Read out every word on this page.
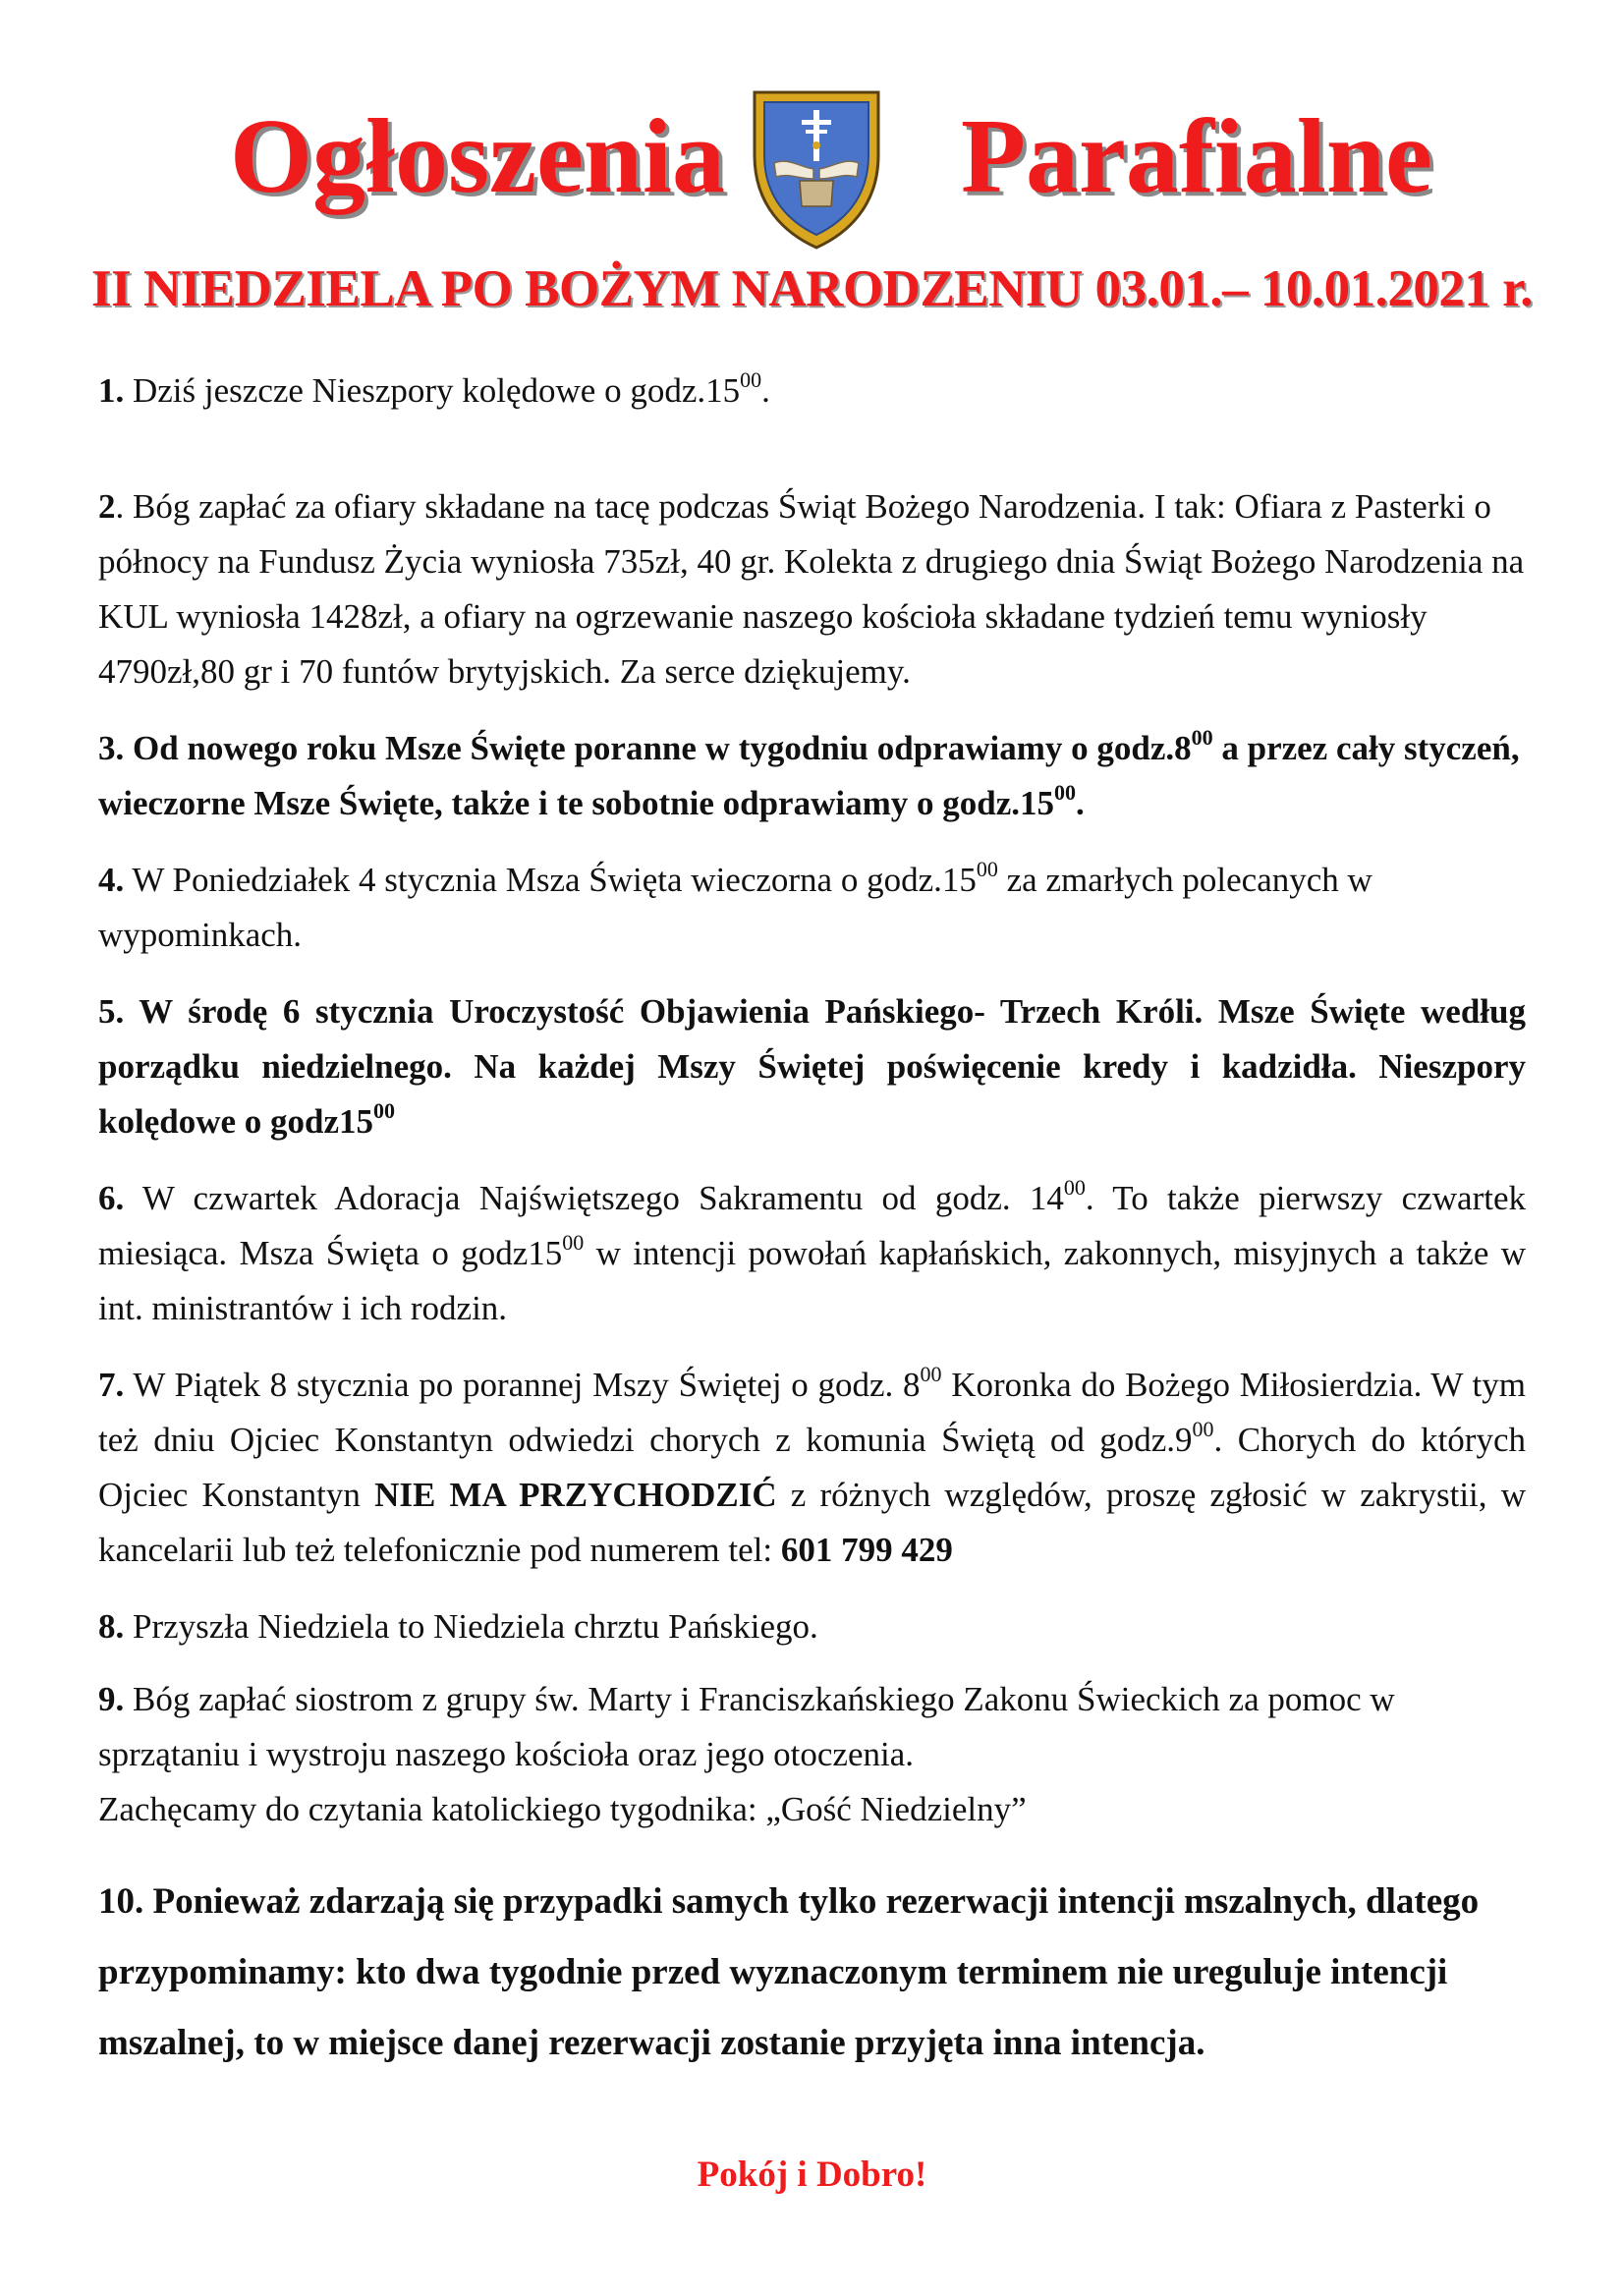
Ogłoszenia Parafialne
II NIEDZIELA PO BOŻYM NARODZENIU 03.01.– 10.01.2021 r.

1. Dziś jeszcze Nieszpory kolędowe o $godz.15^{00}$.

2. Bóg zapłać za ofiary składane na tacę podczas Świąt Bożego Narodzenia. I tak: Ofiara z Pasterki o północy na Fundusz Życia wyniosła 735zł, 40 gr. Kolekta z drugiego dnia Świąt Bożego Narodzenia na KUL wyniosła 1428zł, a ofiary na ogrzewanie naszego kościoła składane tydzień temu wyniosły 4790zł,80 gr i 70 funtów brytyjskich. Za serce dziękujemy.

3. Od nowego roku Msze Święte poranne w tygodniu odprawiamy o $godz.8^{00}$ a przez cały styczeń, wieczorne Msze Święte, także i te sobotnie odprawiamy o $godz.15^{00}$.

4. W Poniedziałek 4 stycznia Msza Święta wieczorna o $godz.15^{00}$ za zmarłych polecanych w wypominkach.

5. W środę 6 stycznia Uroczystość Objawienia Pańskiego- Trzech Króli. Msze Święte według porządku niedzielnego. Na każdej Mszy Świętej poświęcenie kredy i kadzidła. Nieszpory kolędowe o $godz15^{00}$

6. W czwartek Adoracja Najświętszego Sakramentu od godz. $14^{00}$. To także pierwszy czwartek miesiąca. Msza Święta o $godz15^{00}$ w intencji powołań kapłańskich, zakonnych, misyjnych a także w int. ministrantów i ich rodzin.

7. W Piątek 8 stycznia po porannej Mszy Świętej o godz. $8^{00}$ Koronka do Bożego Miłosierdzia. W tym też dniu Ojciec Konstantyn odwiedzi chorych z komunia Świętą od $godz.9^{00}$. Chorych do których Ojciec Konstantyn NIE MA PRZYCHODZIĆ z różnych względów, proszę zgłosić w zakrystii, w kancelarii lub też telefonicznie pod numerem tel: 601 799 429

8. Przyszła Niedziela to Niedziela chrztu Pańskiego.

9. Bóg zapłać siostrom z grupy św. Marty i Franciszkańskiego Zakonu Świeckich za pomoc w sprzątaniu i wystroju naszego kościoła oraz jego otoczenia.
Zachęcamy do czytania katolickiego tygodnika: „Gość Niedzielny”

10. Ponieważ zdarzają się przypadki samych tylko rezerwacji intencji mszalnych, dlatego przypominamy: kto dwa tygodnie przed wyznaczonym terminem nie ureguluje intencji mszalnej, to w miejsce danej rezerwacji zostanie przyjęta inna intencja.

Pokój i Dobro!
